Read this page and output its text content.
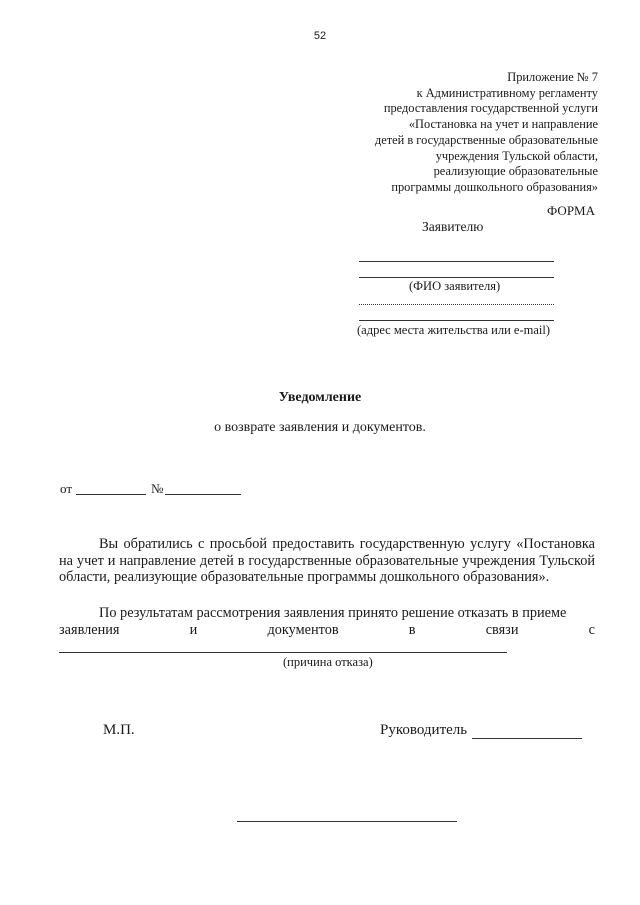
52
Приложение № 7
к Административному регламенту
предоставления государственной услуги
«Постановка на учет и направление
детей в государственные образовательные
учреждения Тульской области,
реализующие образовательные
программы дошкольного образования»
ФОРМА
Заявителю
(ФИО заявителя)
(адрес места жительства или e-mail)
Уведомление
о возврате заявления и документов.
от	№
Вы обратились с просьбой предоставить государственную услугу «Постановка на учет и направление детей в государственные образовательные учреждения Тульской области, реализующие образовательные программы дошкольного образования».
По результатам рассмотрения заявления принято решение отказать в приеме
заявления	и	документов	в	связи	с
(причина отказа)
М.П.	Руководитель
